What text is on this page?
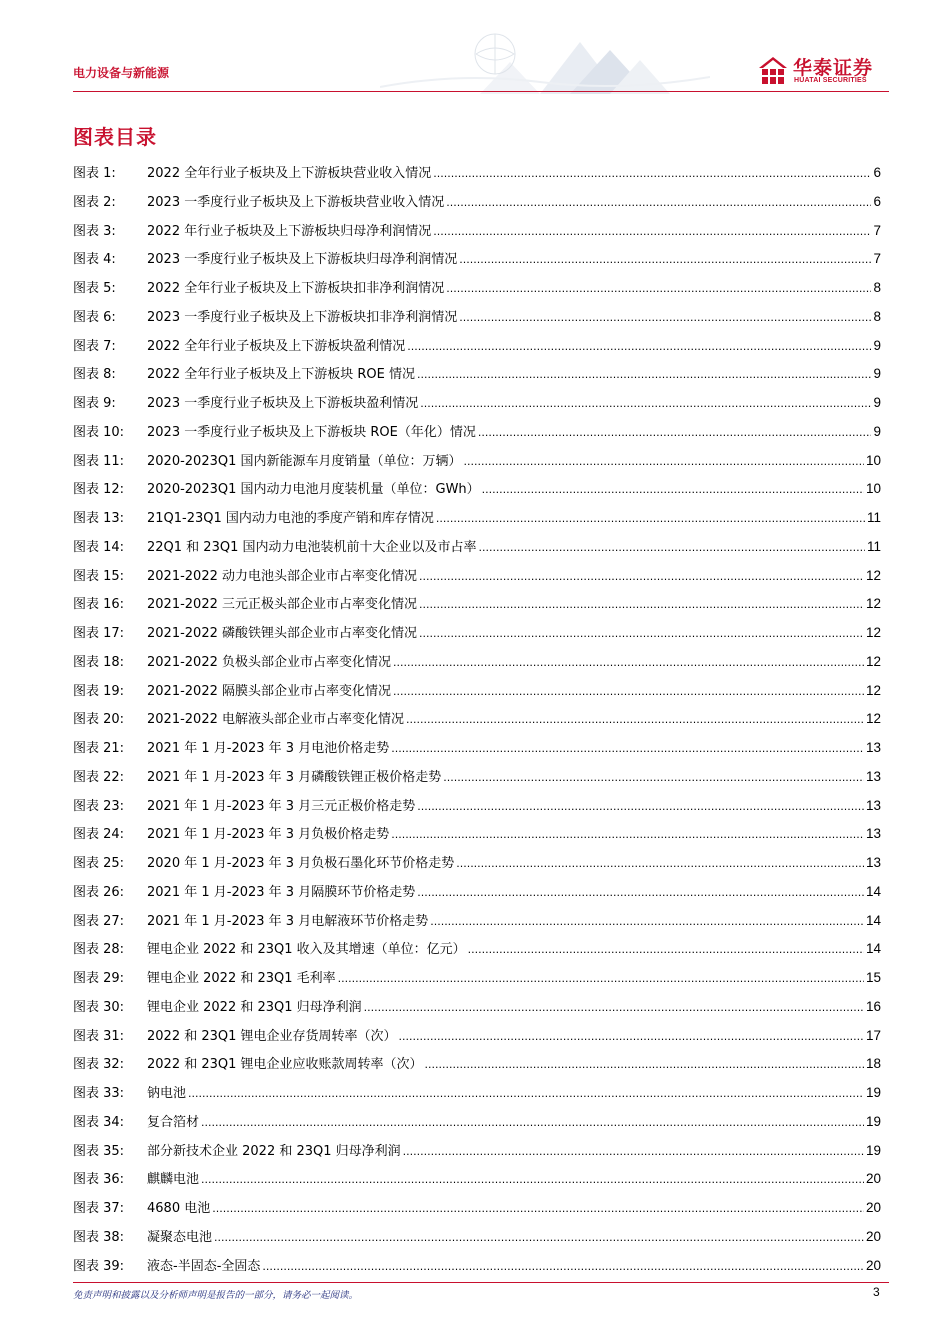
电力设备与新能源	华泰证券
HUATAI SECURITIES
图表目录
图表 1:	2022 全年行业子板块及上下游板块营业收入情况 .....	6
图表 2:	2023 一季度行业子板块及上下游板块营业收入情况 .....	6
图表 3:	2022 年行业子板块及上下游板块归母净利润情况 .....	7
图表 4:	2023 一季度行业子板块及上下游板块归母净利润情况 .....	7
图表 5:	2022 全年行业子板块及上下游板块扣非净利润情况 .....	8
图表 6:	2023 一季度行业子板块及上下游板块扣非净利润情况 .....	8
图表 7:	2022 全年行业子板块及上下游板块盈利情况 .....	9
图表 8:	2022 全年行业子板块及上下游板块 ROE 情况 .....	9
图表 9:	2023 一季度行业子板块及上下游板块盈利情况 .....	9
图表 10:	2023 一季度行业子板块及上下游板块 ROE（年化）情况 .....	9
图表 11:	2020-2023Q1 国内新能源车月度销量（单位：万辆） .....	10
图表 12:	2020-2023Q1 国内动力电池月度装机量（单位：GWh） .....	10
图表 13:	21Q1-23Q1 国内动力电池的季度产销和库存情况 .....	11
图表 14:	22Q1 和 23Q1 国内动力电池装机前十大企业以及市占率 .....	11
图表 15:	2021-2022 动力电池头部企业市占率变化情况 .....	12
图表 16:	2021-2022 三元正极头部企业市占率变化情况 .....	12
图表 17:	2021-2022 磷酸铁锂头部企业市占率变化情况 .....	12
图表 18:	2021-2022 负极头部企业市占率变化情况 .....	12
图表 19:	2021-2022 隔膜头部企业市占率变化情况 .....	12
图表 20:	2021-2022 电解液头部企业市占率变化情况 .....	12
图表 21:	2021 年 1 月-2023 年 3 月电池价格走势 .....	13
图表 22:	2021 年 1 月-2023 年 3 月磷酸铁锂正极价格走势 .....	13
图表 23:	2021 年 1 月-2023 年 3 月三元正极价格走势 .....	13
图表 24:	2021 年 1 月-2023 年 3 月负极价格走势 .....	13
图表 25:	2020 年 1 月-2023 年 3 月负极石墨化环节价格走势 .....	13
图表 26:	2021 年 1 月-2023 年 3 月隔膜环节价格走势 .....	14
图表 27:	2021 年 1 月-2023 年 3 月电解液环节价格走势 .....	14
图表 28:	锂电企业 2022 和 23Q1 收入及其增速（单位：亿元） .....	14
图表 29:	锂电企业 2022 和 23Q1 毛利率 .....	15
图表 30:	锂电企业 2022 和 23Q1 归母净利润 .....	16
图表 31:	2022 和 23Q1 锂电企业存货周转率（次） .....	17
图表 32:	2022 和 23Q1 锂电企业应收账款周转率（次） .....	18
图表 33:	钠电池 .....	19
图表 34:	复合箔材 .....	19
图表 35:	部分新技术企业 2022 和 23Q1 归母净利润 .....	19
图表 36:	麒麟电池 .....	20
图表 37:	4680 电池 .....	20
图表 38:	凝聚态电池 .....	20
图表 39:	液态-半固态-全固态 .....	20
免责声明和披露以及分析师声明是报告的一部分，请务必一起阅读。	3
